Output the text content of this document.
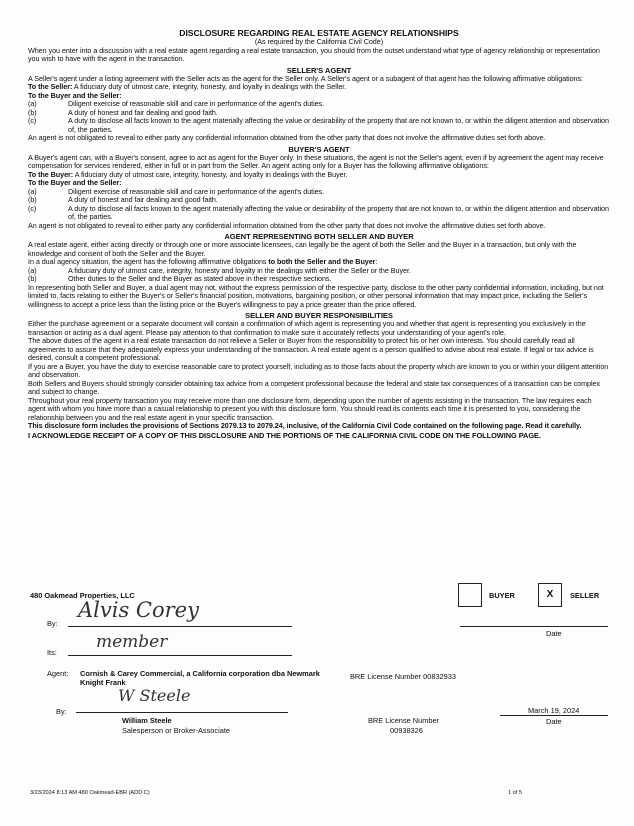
DISCLOSURE REGARDING REAL ESTATE AGENCY RELATIONSHIPS
(As required by the California Civil Code)

When you enter into a discussion with a real estate agent regarding a real estate transaction, you should from the outset understand what type of agency relationship or representation you wish to have with the agent in the transaction.

SELLER'S AGENT

A Seller's agent under a listing agreement with the Seller acts as the agent for the Seller only. A Seller's agent or a subagent of that agent has the following affirmative obligations:

To the Seller: A fiduciary duty of utmost care, integrity, honesty, and loyalty in dealings with the Seller.

To the Buyer and the Seller:

(a)	Diligent exercise of reasonable skill and care in performance of the agent's duties.
(b)	A duty of honest and fair dealing and good faith.
(c)	A duty to disclose all facts known to the agent materially affecting the value or desirability of the property that are not known to, or within the diligent attention and observation of, the parties.

An agent is not obligated to reveal to either party any confidential information obtained from the other party that does not involve the affirmative duties set forth above.

BUYER'S AGENT

A Buyer's agent can, with a Buyer's consent, agree to act as agent for the Buyer only. In these situations, the agent is not the Seller's agent, even if by agreement the agent may receive compensation for services rendered, either in full or in part from the Seller. An agent acting only for a Buyer has the following affirmative obligations:

To the Buyer: A fiduciary duty of utmost care, integrity, honesty, and loyalty in dealings with the Buyer.

To the Buyer and the Seller:

(a)	Diligent exercise of reasonable skill and care in performance of the agent's duties.
(b)	A duty of honest and fair dealing and good faith.
(c)	A duty to disclose all facts known to the agent materially affecting the value or desirability of the property that are not known to, or within the diligent attention and observation of, the parties.

An agent is not obligated to reveal to either party any confidential information obtained from the other party that does not involve the affirmative duties set forth above.

AGENT REPRESENTING BOTH SELLER AND BUYER

A real estate agent, either acting directly or through one or more associate licensees, can legally be the agent of both the Seller and the Buyer in a transaction, but only with the knowledge and consent of both the Seller and the Buyer.

In a dual agency situation, the agent has the following affirmative obligations to both the Seller and the Buyer:

(a)	A fiduciary duty of utmost care, integrity, honesty and loyalty in the dealings with either the Seller or the Buyer.
(b)	Other duties to the Seller and the Buyer as stated above in their respective sections.

In representing both Seller and Buyer, a dual agent may not, without the express permission of the respective party, disclose to the other party confidential information, including, but not limited to, facts relating to either the Buyer's or Seller's financial position, motivations, bargaining position, or other personal information that may impact price, including the Seller's willingness to accept a price less than the listing price or the Buyer's willingness to pay a price greater than the price offered.

SELLER AND BUYER RESPONSIBILITIES

Either the purchase agreement or a separate document will contain a confirmation of which agent is representing you and whether that agent is representing you exclusively in the transaction or acting as a dual agent. Please pay attention to that confirmation to make sure it accurately reflects your understanding of your agent's role.

The above duties of the agent in a real estate transaction do not relieve a Seller or Buyer from the responsibility to protect his or her own interests. You should carefully read all agreements to assure that they adequately express your understanding of the transaction. A real estate agent is a person qualified to advise about real estate. If legal or tax advice is desired, consult a competent professional.

If you are a Buyer, you have the duty to exercise reasonable care to protect yourself, including as to those facts about the property which are known to you or within your diligent attention and observation.

Both Sellers and Buyers should strongly consider obtaining tax advice from a competent professional because the federal and state tax consequences of a transaction can be complex and subject to change.

Throughout your real property transaction you may receive more than one disclosure form, depending upon the number of agents assisting in the transaction. The law requires each agent with whom you have more than a casual relationship to present you with this disclosure form. You should read its contents each time it is presented to you, considering the relationship between you and the real estate agent in your specific transaction.

This disclosure form includes the provisions of Sections 2079.13 to 2079.24, inclusive, of the California Civil Code contained on the following page. Read it carefully.

I ACKNOWLEDGE RECEIPT OF A COPY OF THIS DISCLOSURE AND THE PORTIONS OF THE CALIFORNIA CIVIL CODE ON THE FOLLOWING PAGE.

480 Oakmead Properties, LLC	BUYER	X	SELLER
By:
Alvis Corey
Date
Its:
member
Agent: Cornish & Carey Commercial, a California corporation dba Newmark Knight Frank
BRE License Number 00832933
W Steele
By:
William Steele
Salesperson or Broker-Associate
BRE License Number
00938326
March 19, 2024
Date
3/23/2024 8:13 AM 480 Oakmead-EBR (ADD C)	1 of 5
